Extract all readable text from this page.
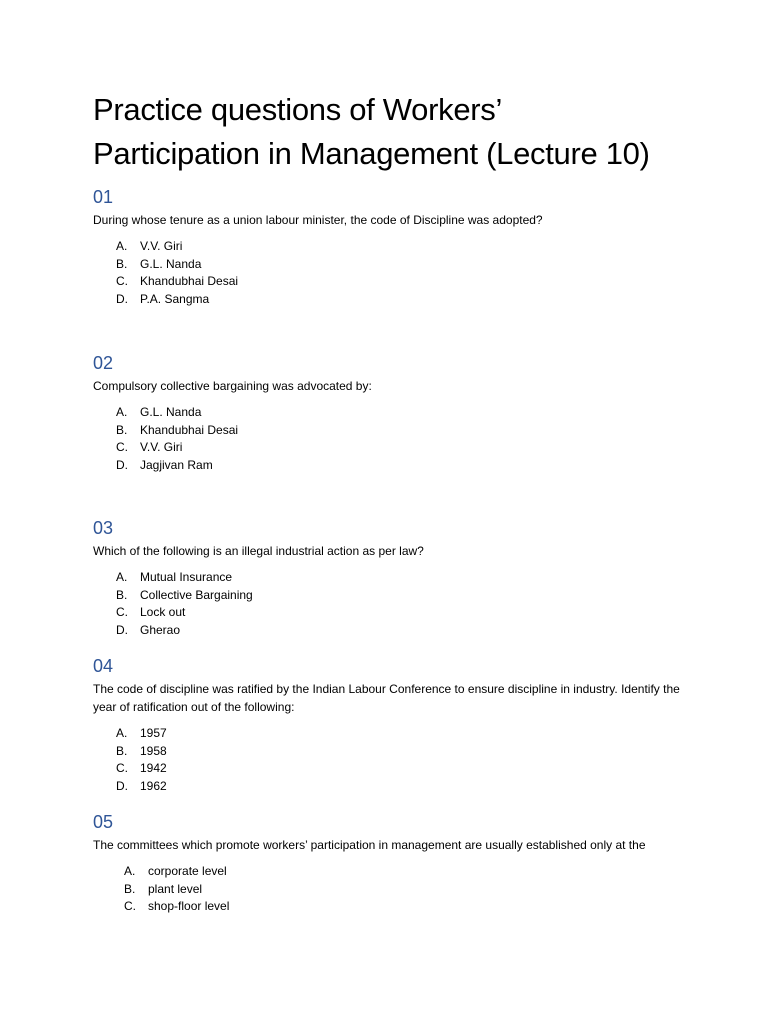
Practice questions of Workers’
Participation in Management (Lecture 10)
01
During whose tenure as a union labour minister, the code of Discipline was adopted?
A. V.V. Giri
B. G.L. Nanda
C. Khandubhai Desai
D. P.A. Sangma
02
Compulsory collective bargaining was advocated by:
A. G.L. Nanda
B. Khandubhai Desai
C. V.V. Giri
D. Jagjivan Ram
03
Which of the following is an illegal industrial action as per law?
A. Mutual Insurance
B. Collective Bargaining
C. Lock out
D. Gherao
04
The code of discipline was ratified by the Indian Labour Conference to ensure discipline in industry. Identify the year of ratification out of the following:
A. 1957
B. 1958
C. 1942
D. 1962
05
The committees which promote workers’ participation in management are usually established only at the
A. corporate level
B. plant level
C. shop-floor level
